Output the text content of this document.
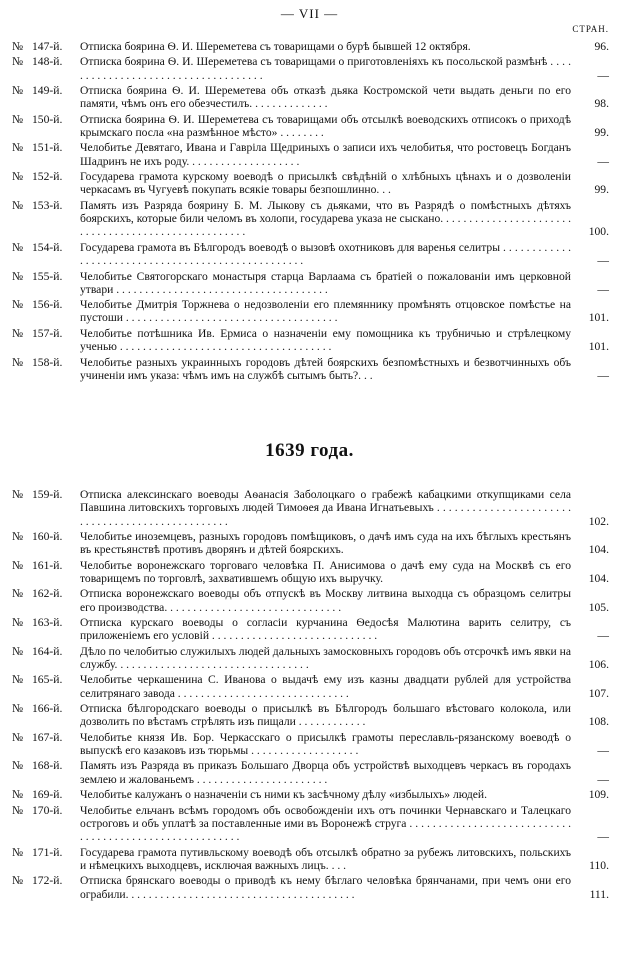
— VII —
СТРАН.
№ 147-й.	Отписка боярина Ѳ. И. Шереметева съ товарищами о бурѣ бывшей 12 октября.	96.
№ 148-й.	Отписка боярина Ѳ. И. Шереметева съ товарищами о приготовленіяхъ къ посольской размѣнѣ . . . . . . . . . . . . . . . . . . . . . . . . . . . . . . . . . . . .	—
№ 149-й.	Отписка боярина Ѳ. И. Шереметева объ отказѣ дьяка Костромской чети выдать деньги по его памяти, чѣмъ онъ его обезчестилъ. . . . . . . . . . . . . .	98.
№ 150-й.	Отписка боярина Ѳ. И. Шереметева съ товарищами объ отсылкѣ воеводскихъ отписокъ о приходѣ крымскаго посла «на размѣнное мѣсто» . . . . . . . .	99.
№ 151-й.	Челобитье Девятаго, Ивана и Гавріла Щедриныхъ о записи ихъ челобитья, что ростовецъ Богданъ Шадринъ не ихъ роду. . . . . . . . . . . . . . . . . . . .	—
№ 152-й.	Государева грамота курскому воеводѣ о присылкѣ свѣдѣній о хлѣбныхъ цѣнахъ и о дозволеніи черкасамъ въ Чугуевѣ покупать всякіе товары безпошлинно. . .	99.
№ 153-й.	Память изъ Разряда боярину Б. М. Лыкову съ дьяками, что въ Разрядѣ о помѣстныхъ дѣтяхъ боярскихъ, которые били челомъ въ холопи, государева указа не сыскано. . . . . . . . . . . . . . . . . . . . . . . . . . . . . . . . . . . . . . . . . . . . . . . . . . . .	100.
№ 154-й.	Государева грамота въ Бѣлгородъ воеводѣ о вызовѣ охотниковъ для варенья селитры . . . . . . . . . . . . . . . . . . . . . . . . . . . . . . . . . . . . . . . . . . . . . . . . . . .	—
№ 155-й.	Челобитье Святогорскаго монастыря старца Варлаама съ братіей о пожалованіи имъ церковной утвари . . . . . . . . . . . . . . . . . . . . . . . . . . . . . . . . . . . . .	—
№ 156-й.	Челобитье Дмитрія Торжнева о недозволеніи его племяннику промѣнять отцовское помѣстье на пустоши . . . . . . . . . . . . . . . . . . . . . . . . . . . . . . . . . . . . .	101.
№ 157-й.	Челобитье потѣшника Ив. Ермиса о назначеніи ему помощника къ трубничью и стрѣлецкому ученью . . . . . . . . . . . . . . . . . . . . . . . . . . . . . . . . . . . . .	101.
№ 158-й.	Челобитье разныхъ украинныхъ городовъ дѣтей боярскихъ безпомѣстныхъ и безвотчинныхъ объ учиненіи имъ указа: чѣмъ имъ на службѣ сытымъ быть?. . .	—
1639 года.
№ 159-й.	Отписка алексинскаго воеводы Аѳанасія Заболоцкаго о грабежѣ кабацкими откупщиками села Павшина литовскихъ торговыхъ людей Тимоѳея да Ивана Игнатьевыхъ . . . . . . . . . . . . . . . . . . . . . . . . . . . . . . . . . . . . . . . . . . . . . . . . .	102.
№ 160-й.	Челобитье иноземцевъ, разныхъ городовъ помѣщиковъ, о дачѣ имъ суда на ихъ бѣглыхъ крестьянъ въ крестьянствѣ противъ дворянъ и дѣтей боярскихъ.	104.
№ 161-й.	Челобитье воронежскаго торговаго человѣка П. Анисимова о дачѣ ему суда на Москвѣ съ его товарищемъ по торговлѣ, захватившемъ общую ихъ выручку.	104.
№ 162-й.	Отписка воронежскаго воеводы объ отпускѣ въ Москву литвина выходца съ образцомъ селитры его производства. . . . . . . . . . . . . . . . . . . . . . . . . . . . . . .	105.
№ 163-й.	Отписка курскаго воеводы о согласіи курчанина Ѳедосѣя Малютина варить селитру, съ приложеніемъ его условій . . . . . . . . . . . . . . . . . . . . . . . . . . . . .	—
№ 164-й.	Дѣло по челобитью служилыхъ людей дальныхъ замосковныхъ городовъ объ отсрочкѣ имъ явки на службу. . . . . . . . . . . . . . . . . . . . . . . . . . . . . . . . . .	106.
№ 165-й.	Челобитье черкашенина С. Иванова о выдачѣ ему изъ казны двадцати рублей для устройства селитрянаго завода . . . . . . . . . . . . . . . . . . . . . . . . . . . . . .	107.
№ 166-й.	Отписка бѣлгородскаго воеводы о присылкѣ въ Бѣлгородъ большаго вѣстоваго колокола, или дозволить по вѣстамъ стрѣлять изъ пищали . . . . . . . . . . . .	108.
№ 167-й.	Челобитье князя Ив. Бор. Черкасскаго о присылкѣ грамоты переславль-рязанскому воеводѣ о выпускѣ его казаковъ изъ тюрьмы . . . . . . . . . . . . . . . . . . .	—
№ 168-й.	Память изъ Разряда въ приказъ Большаго Дворца объ устройствѣ выходцевъ черкасъ въ городахъ землею и жалованьемъ . . . . . . . . . . . . . . . . . . . . . . .	—
№ 169-й.	Челобитье калужанъ о назначеніи съ ними къ засѣчному дѣлу «избылыхъ» людей.	109.
№ 170-й.	Челобитье ельчанъ всѣмъ городомъ объ освобожденіи ихъ отъ починки Чернавскаго и Талецкаго остроговъ и объ уплатѣ за поставленные ими въ Воронежѣ струга . . . . . . . . . . . . . . . . . . . . . . . . . . . . . . . . . . . . . . . . . . . . . . . . . . . . . . . .	—
№ 171-й.	Государева грамота путивльскому воеводѣ объ отсылкѣ обратно за рубежъ литовскихъ, польскихъ и нѣмецкихъ выходцевъ, исключая важныхъ лицъ. . . .	110.
№ 172-й.	Отписка брянскаго воеводы о приводѣ къ нему бѣглаго человѣка брянчанами, при чемъ они его ограбили. . . . . . . . . . . . . . . . . . . . . . . . . . . . . . . . . . . . . . . .	111.
